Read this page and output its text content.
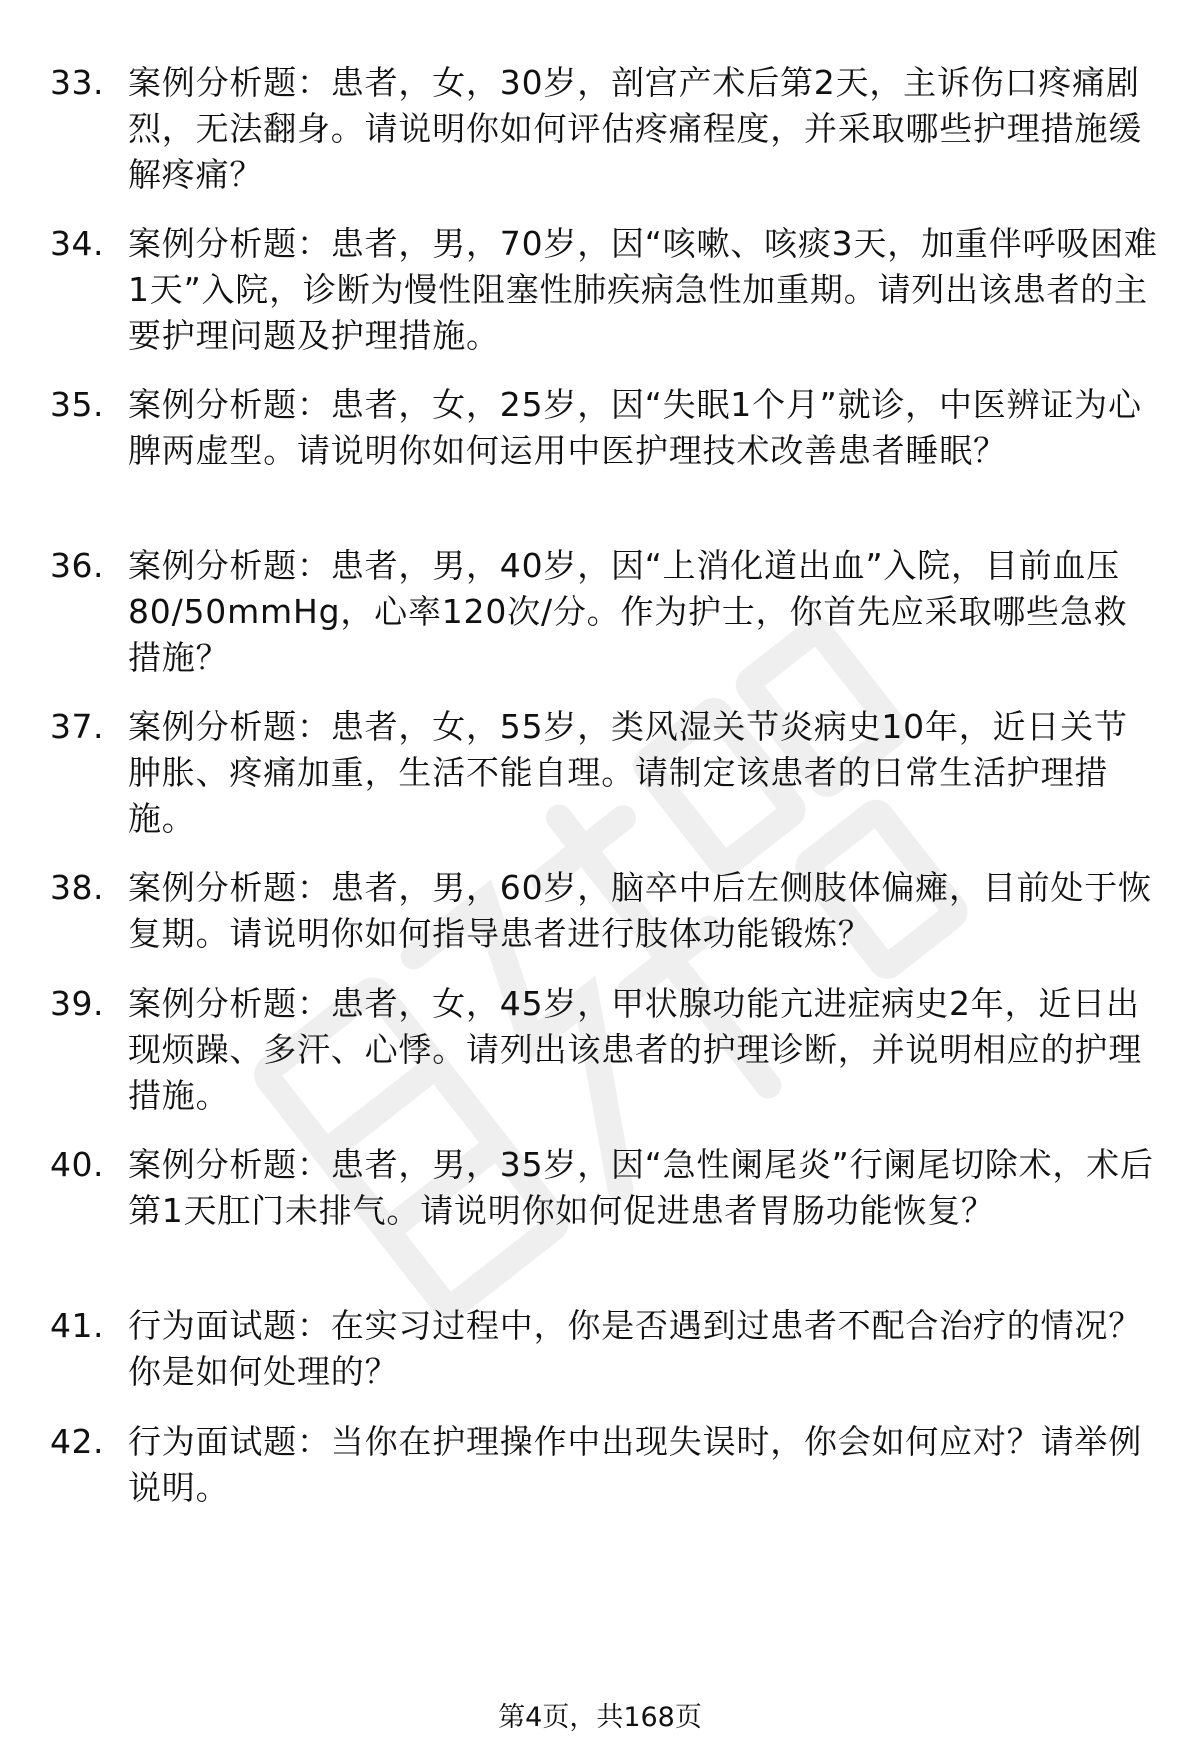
33. 案例分析题：患者，女，30岁，剖宫产术后第2天，主诉伤口疼痛剧烈，无法翻身。请说明你如何评估疼痛程度，并采取哪些护理措施缓解疼痛？
34. 案例分析题：患者，男，70岁，因“咳嗽、咳痰3天，加重伴呼吸困难1天”入院，诊断为慢性阻塞性肺疾病急性加重期。请列出该患者的主要护理问题及护理措施。
35. 案例分析题：患者，女，25岁，因“失眠1个月”就诊，中医辨证为心脾两虚型。请说明你如何运用中医护理技术改善患者睡眠？
36. 案例分析题：患者，男，40岁，因“上消化道出血”入院，目前血压80/50mmHg，心率120次/分。作为护士，你首先应采取哪些急救措施？
37. 案例分析题：患者，女，55岁，类风湿关节炎病史10年，近日关节肿胀、疼痛加重，生活不能自理。请制定该患者的日常生活护理措施。
38. 案例分析题：患者，男，60岁，脑卒中后左侧肢体偏瘫，目前处于恢复期。请说明你如何指导患者进行肢体功能锻炼？
39. 案例分析题：患者，女，45岁，甲状腺功能亢进症病史2年，近日出现烦躁、多汗、心悸。请列出该患者的护理诊断，并说明相应的护理措施。
40. 案例分析题：患者，男，35岁，因“急性阑尾炎”行阑尾切除术，术后第1天肛门未排气。请说明你如何促进患者胃肠功能恢复？
41. 行为面试题：在实习过程中，你是否遇到过患者不配合治疗的情况？你是如何处理的？
42. 行为面试题：当你在护理操作中出现失误时，你会如何应对？请举例说明。
第4页，共168页
